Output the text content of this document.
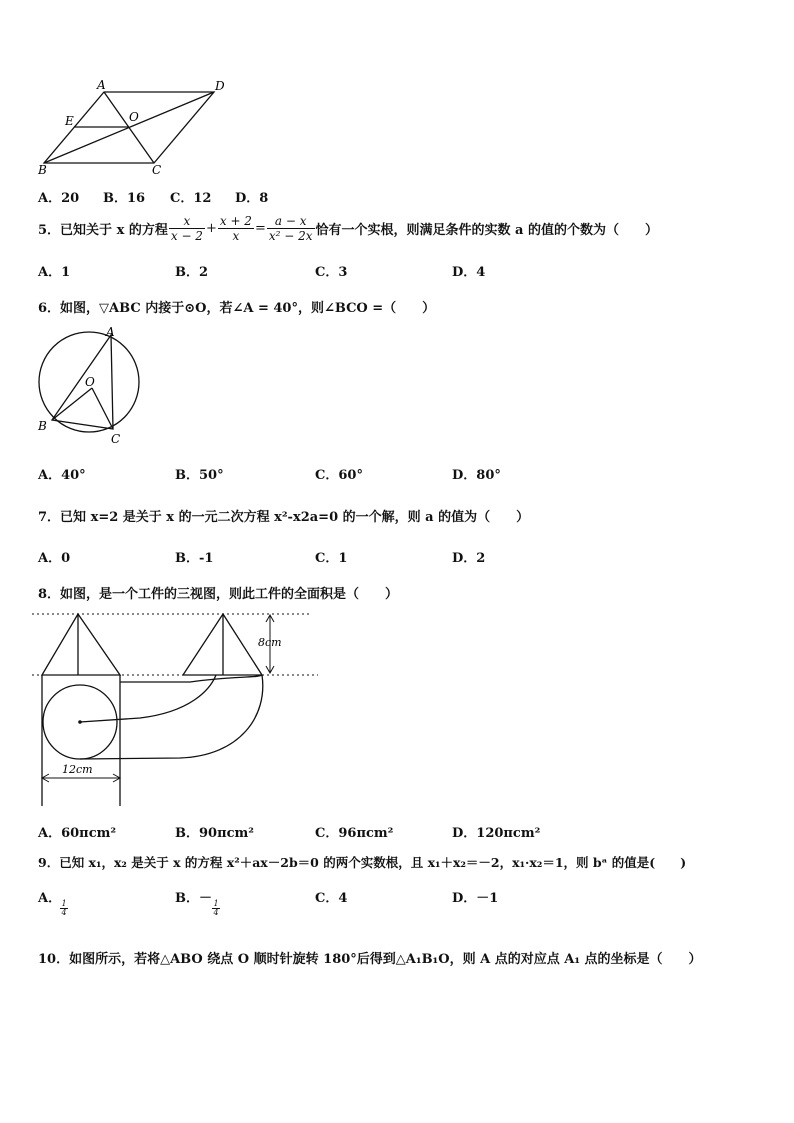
A	D
E	O
B	C
A．20 B．16 C．12 D．8
5．已知关于 x 的方程 $\frac{x}{x - 2} + \frac{x + 2}{x} = \frac{a - x}{\text{x² − 2x}}$ 恰有一个实根，则满足条件的实数 a 的值的个数为（　　）
A．1	B．2	C．3	D．4
6．如图，▽ABC 内接于⊙O，若∠A = 40°，则∠BCO =（　　）
A
O
B
C
A．40°	B．50°	C．60°	D．80°
7．已知 x=2 是关于 x 的一元二次方程 x²-x2a=0 的一个解，则 a 的值为（　　）
A．0	B．-1	C．1	D．2
8．如图，是一个工件的三视图，则此工件的全面积是（　　）
8cm
12cm
A．60πcm²	B．90πcm²	C．96πcm²	D．120πcm²
9．已知 x₁，x₂ 是关于 x 的方程 x²＋ax－2b＝0 的两个实数根，且 x₁＋x₂＝－2，x₁·x₂＝1，则 bᵃ 的值是(　　)
A．
$\frac{1}{4}$
B．－
$\frac{1}{4}$
C．4	D．－1
10．如图所示，若将△ABO 绕点 O 顺时针旋转 180°后得到△A₁B₁O，则 A 点的对应点 A₁ 点的坐标是（　　）
